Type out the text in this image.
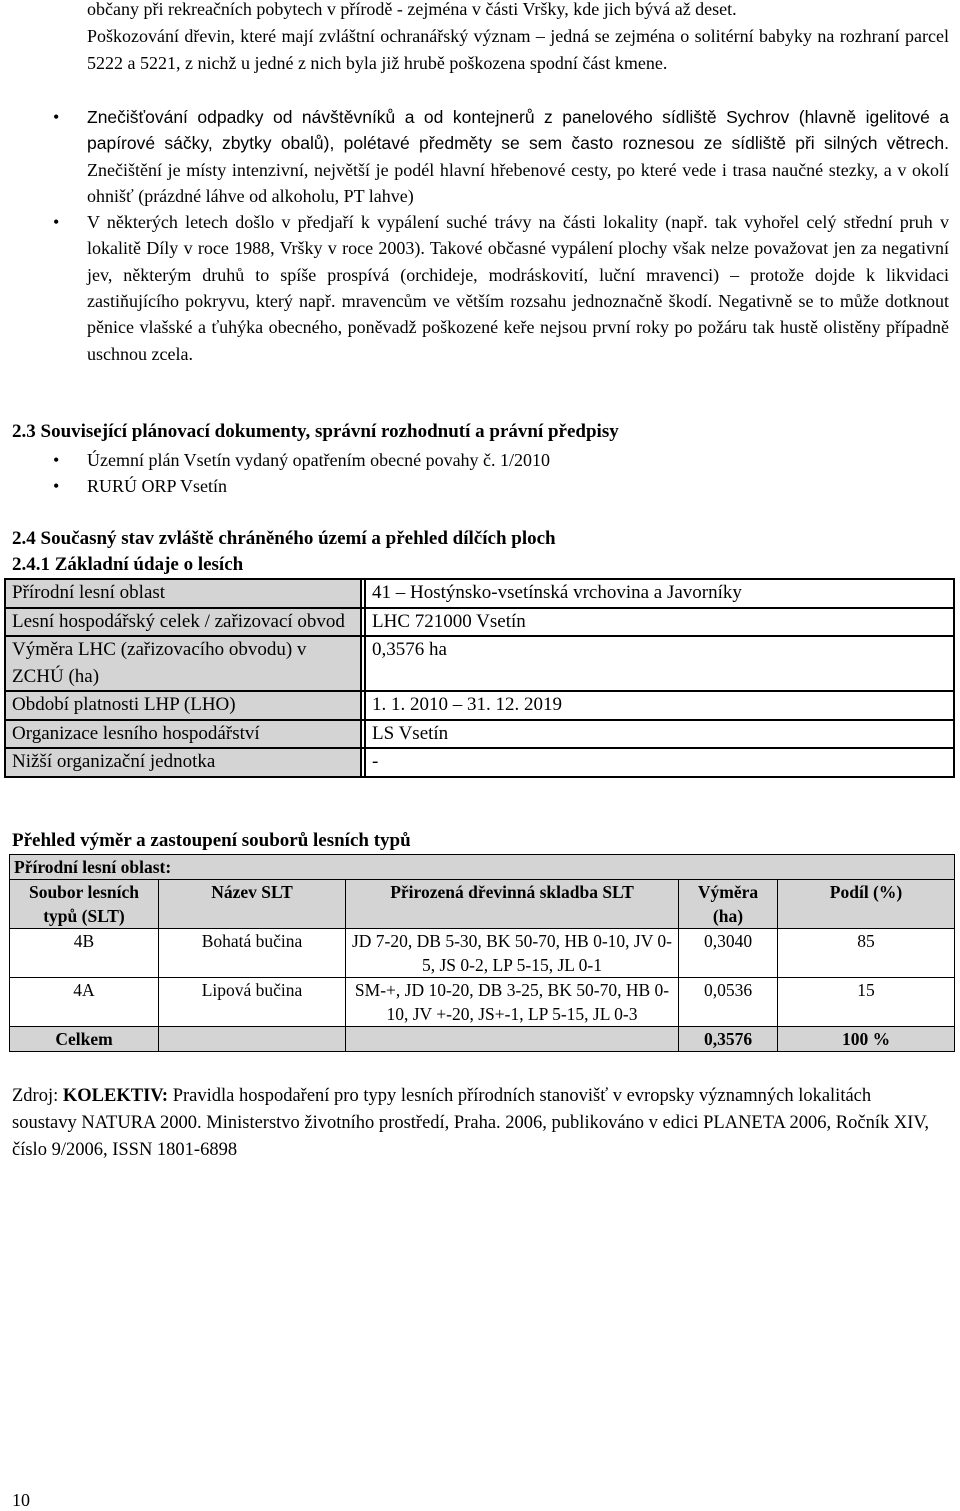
občany při rekreačních pobytech v přírodě - zejména v části Vršky, kde jich bývá až deset.

Poškozování dřevin, které mají zvláštní ochranářský význam – jedná se zejména o solitérní babyky na rozhraní parcel 5222 a 5221, z nichž u jedné z nich byla již hrubě poškozena spodní část kmene.

• Znečišťování odpadky od návštěvníků a od kontejnerů z panelového sídliště Sychrov (hlavně igelitové a papírové sáčky, zbytky obalů), polétavé předměty se sem často roznesou ze sídliště při silných větrech. Znečištění je místy intenzivní, největší je podél hlavní hřebenové cesty, po které vede i trasa naučné stezky, a v okolí ohnišť (prázdné láhve od alkoholu, PT lahve)
• V některých letech došlo v předjaří k vypálení suché trávy na části lokality (např. tak vyhořel celý střední pruh v lokalitě Díly v roce 1988, Vršky v roce 2003). Takové občasné vypálení plochy však nelze považovat jen za negativní jev, některým druhů to spíše prospívá (orchideje, modráskovití, luční mravenci) – protože dojde k likvidaci zastiňujícího pokryvu, který např. mravencům ve větším rozsahu jednoznačně škodí. Negativně se to může dotknout pěnice vlašské a ťuhýka obecného, poněvadž poškozené keře nejsou první roky po požáru tak hustě olistěny případně uschnou zcela.
2.3 Související plánovací dokumenty, správní rozhodnutí a právní předpisy
• Územní plán Vsetín vydaný opatřením obecné povahy č. 1/2010
• RURÚ ORP Vsetín
2.4 Současný stav zvláště chráněného území a přehled dílčích ploch
2.4.1 Základní údaje o lesích
Přírodní lesní oblast		41 – Hostýnsko-vsetínská vrchovina a Javorníky
Lesní hospodářský celek / zařizovací obvod		LHC 721000 Vsetín
Výměra LHC (zařizovacího obvodu) v ZCHÚ (ha)		0,3576 ha
Období platnosti LHP (LHO)		1. 1. 2010 – 31. 12. 2019
Organizace lesního hospodářství		LS Vsetín
Nižší organizační jednotka		-
Přehled výměr a zastoupení souborů lesních typů
Přírodní lesní oblast:				
Soubor lesních typů (SLT)	Název SLT	Přirozená dřevinná skladba SLT	Výměra (ha)	Podíl (%)
4B	Bohatá bučina	JD 7-20, DB 5-30, BK 50-70, HB 0-10, JV 0-5, JS 0-2, LP 5-15, JL 0-1	0,3040	85
4A	Lipová bučina	SM-+, JD 10-20, DB 3-25, BK 50-70, HB 0-10, JV +-20, JS+-1, LP 5-15, JL 0-3	0,0536	15
Celkem			0,3576	100 %
Zdroj: KOLEKTIV: Pravidla hospodaření pro typy lesních přírodních stanovišť v evropsky významných lokalitách soustavy NATURA 2000. Ministerstvo životního prostředí, Praha. 2006, publikováno v edici PLANETA 2006, Ročník XIV, číslo 9/2006, ISSN 1801-6898
10
